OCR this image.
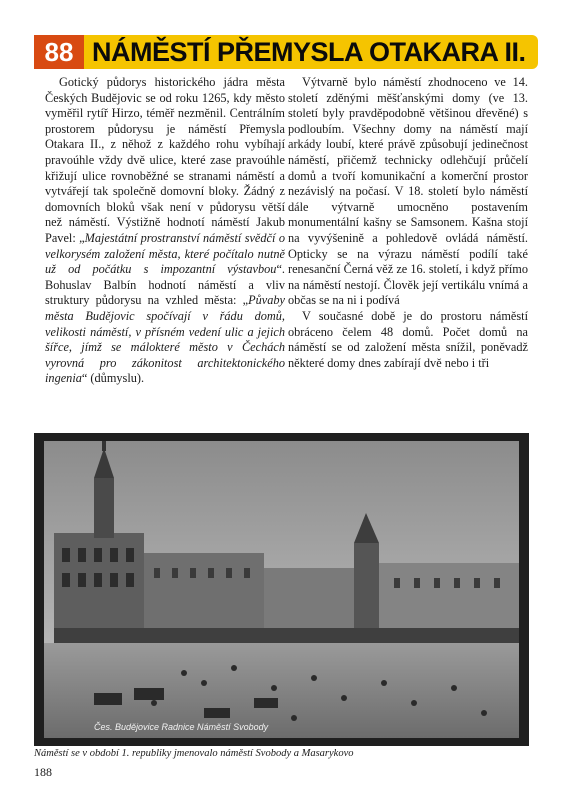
88 NÁMĚSTÍ PŘEMYSLA OTAKARA II.

Gotický půdorys historického jádra města Českých Budějovic se od roku 1265, kdy město vyměřil rytíř Hirzo, téměř nezměnil. Centrálním prostorem půdorysu je náměstí Přemysla Otakara II., z něhož z každého rohu vybíhají pravoúhle vždy dvě ulice, které zase pravoúhle křižují ulice rovnoběžné se stranami náměstí a vytvářejí tak společně domovní bloky. Žádný z domovních bloků však není v půdorysu větší než náměstí. Výstižně hodnotí náměstí Jakub Pavel: „Majestátní prostranství náměstí svědčí o velkorysém založení města, které počítalo nutně už od počátku s impozantní výstavbou“. Bohuslav Balbín hodnotí náměstí a vliv struktury půdorysu na vzhled města: „Půvaby města Budějovic spočívají v řádu domů, velikosti náměstí, v přísném vedení ulic a jejich šířce, jímž se málokteré město v Čechách vyrovná pro zákonitost architektonického ingenia“ (důmyslu).

Výtvarně bylo náměstí zhodnoceno ve 14. století zděnými měšťanskými domy (ve 13. století byly pravděpodobně většinou dřevěné) s podloubím. Všechny domy na náměstí mají arkády loubí, které právě způsobují jedinečnost náměstí, přičemž technicky odlehčují průčelí domů a tvoří komunikační a komerční prostor nezávislý na počasí. V 18. století bylo náměstí dále výtvarně umocněno postavením monumentální kašny se Samsonem. Kašna stojí na vyvýšenině a pohledově ovládá náměstí. Opticky se na výrazu náměstí podílí také renesanční Černá věž ze 16. století, i když přímo na náměstí nestojí. Člověk její vertikálu vnímá a občas se na ni i podívá

V současné době je do prostoru náměstí obráceno čelem 48 domů. Počet domů na náměstí se od založení města snížil, poněvadž některé domy dnes zabírají dvě nebo i tři

Čes. Budějovice Radnice Náměstí Svobody
Náměstí se v období 1. republiky jmenovalo náměstí Svobody a Masarykovo
188
